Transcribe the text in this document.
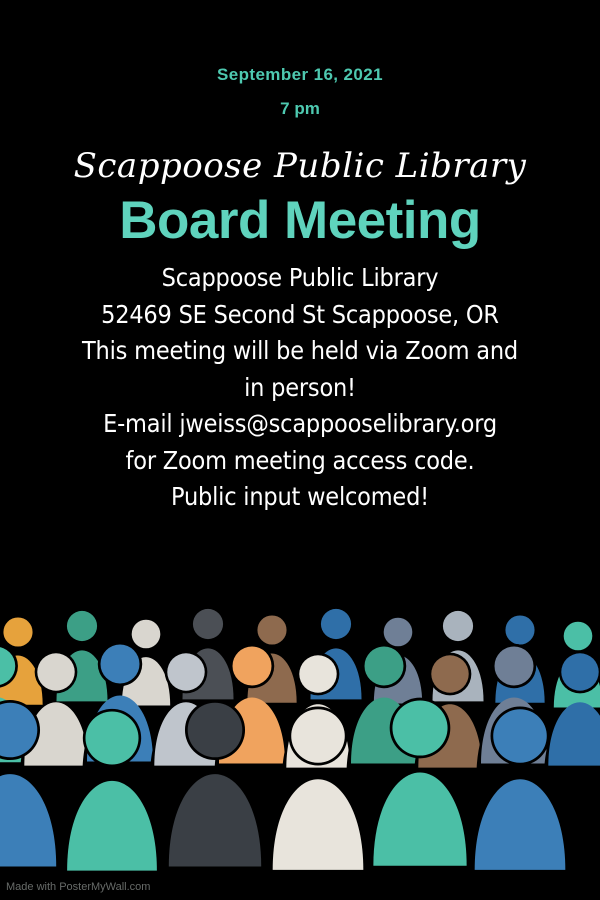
September 16, 2021
7 pm
Scappoose Public Library
Board Meeting
Scappoose Public Library
52469 SE Second St Scappoose, OR
This meeting will be held via Zoom and
in person!
E-mail jweiss@scappooselibrary.org
for Zoom meeting access code.
Public input welcomed!
Made with PosterMyWall.com
